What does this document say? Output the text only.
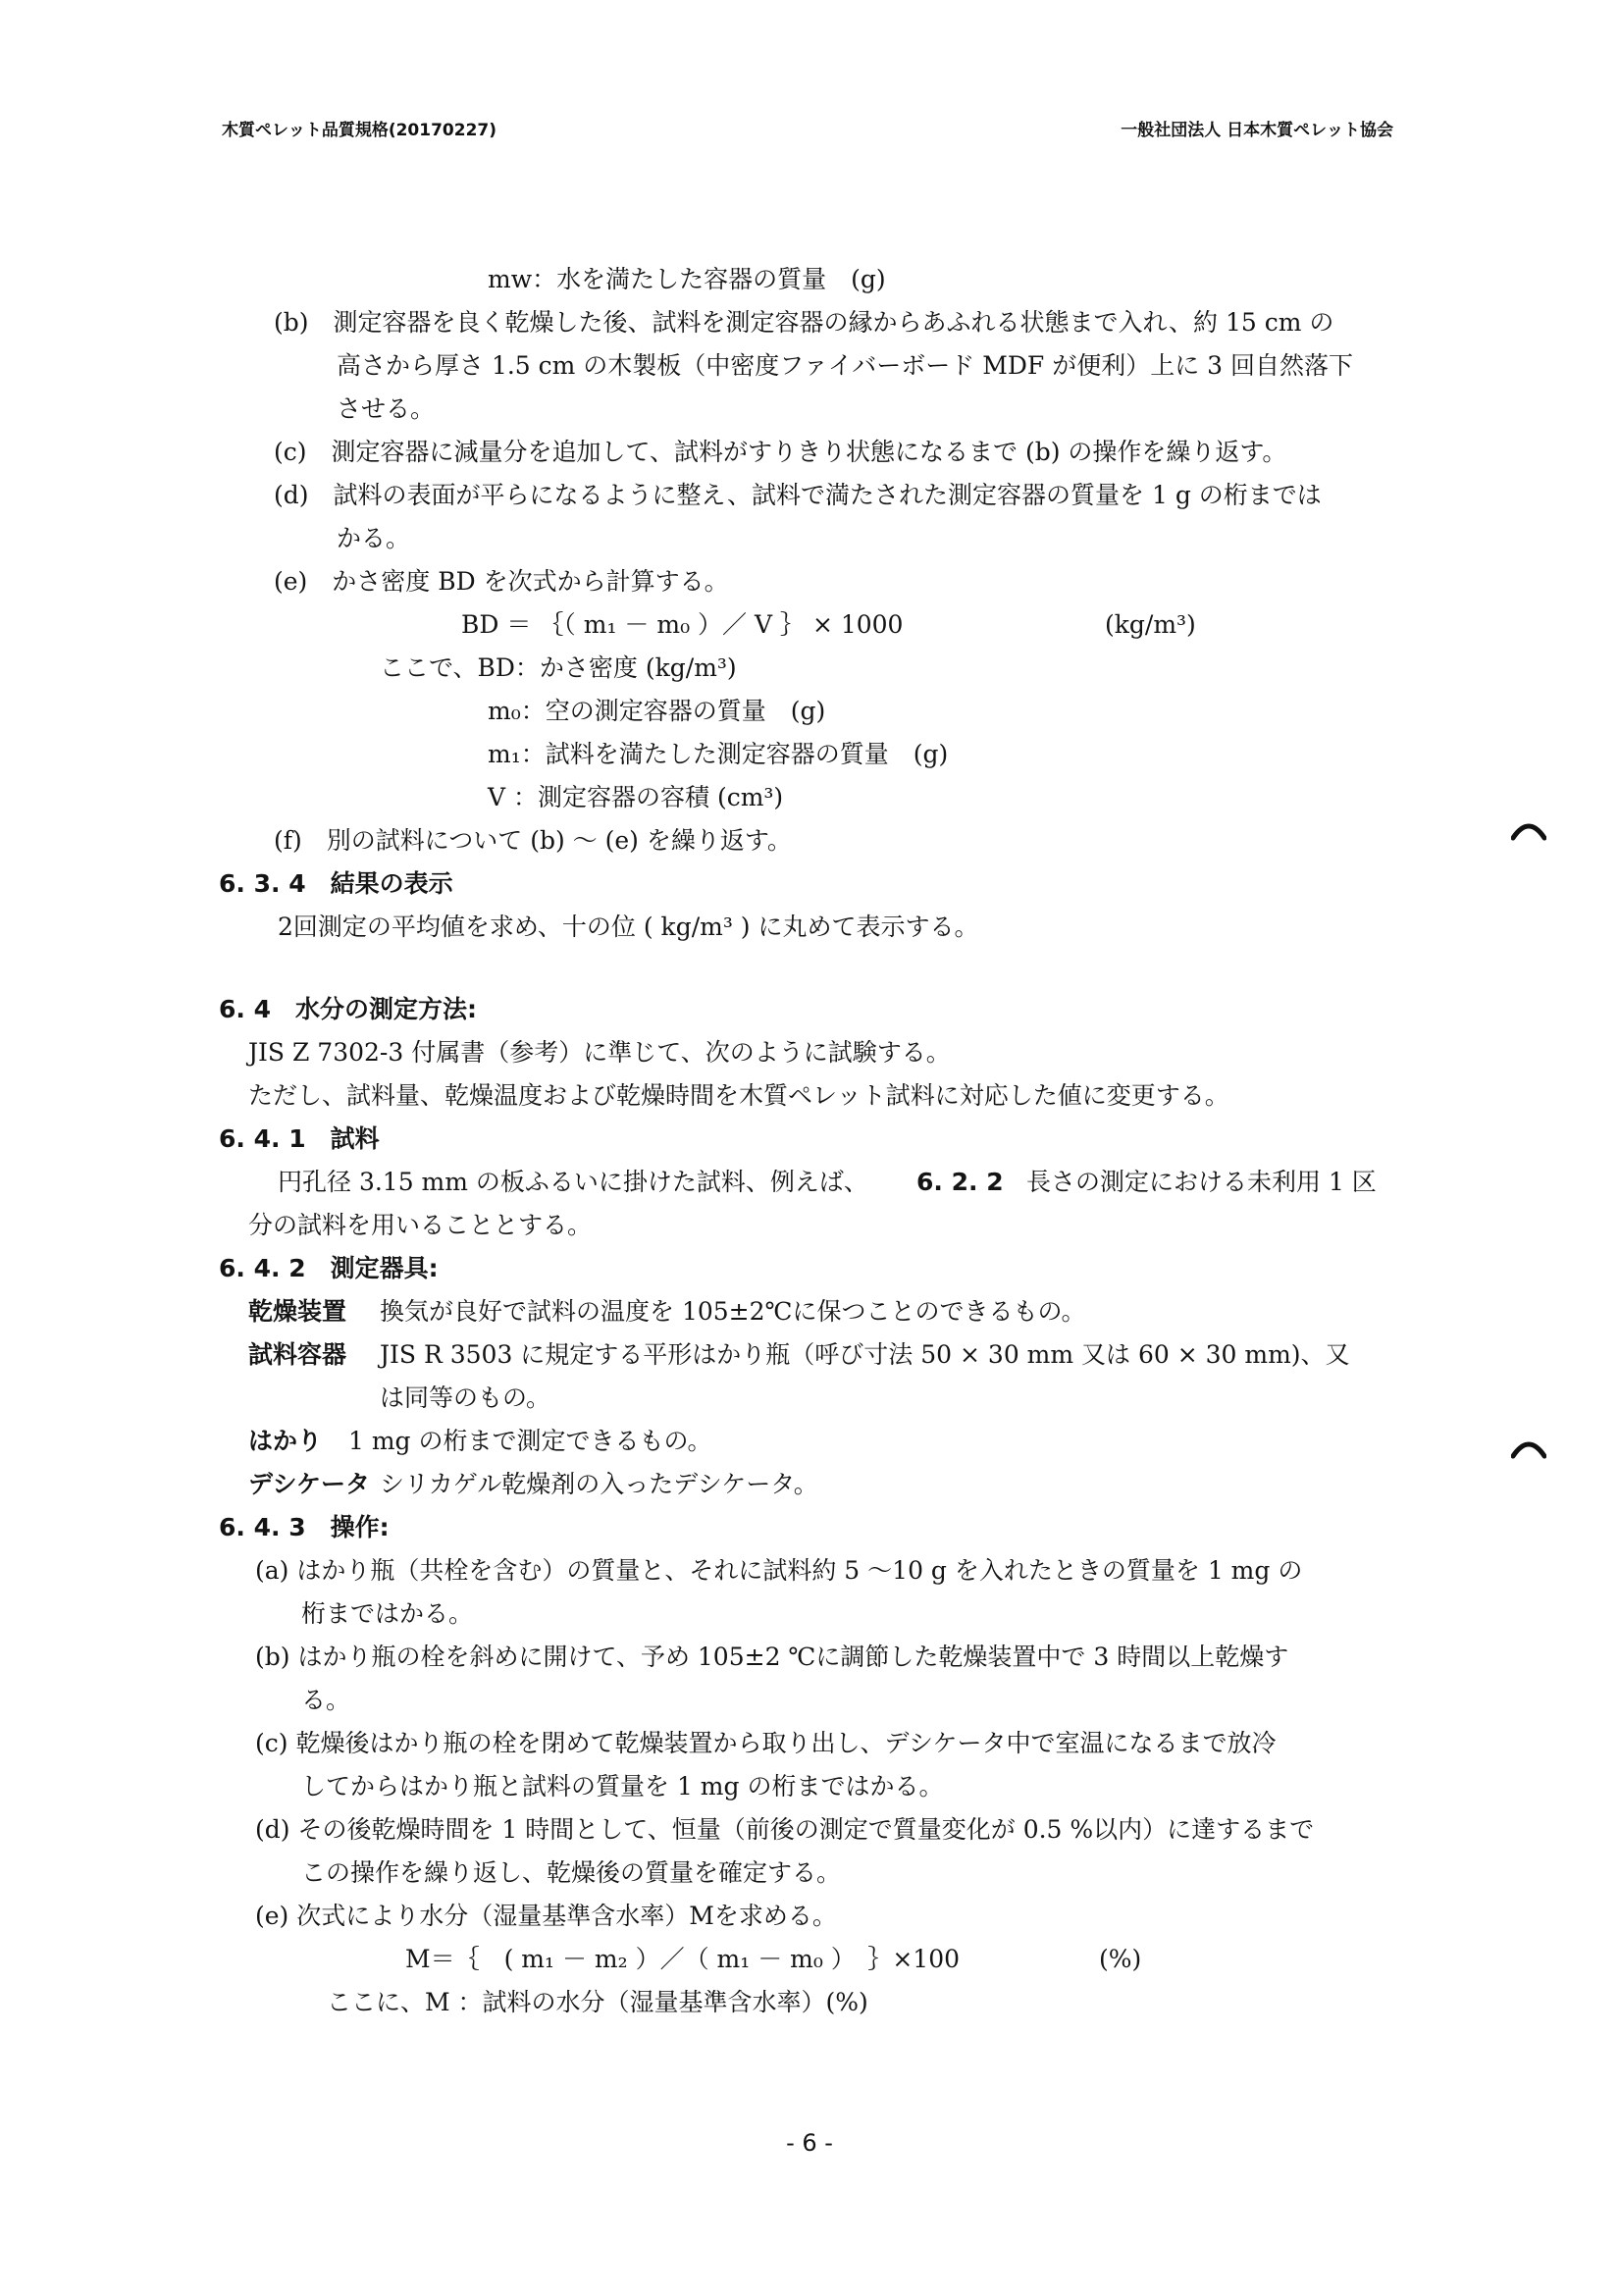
木質ペレット品質規格(20170227)	一般社団法人 日本木質ペレット協会
mw：水を満たした容器の質量　(g)
(b)　測定容器を良く乾燥した後、試料を測定容器の縁からあふれる状態まで入れ、約 15 cm の
高さから厚さ 1.5 cm の木製板（中密度ファイバーボード MDF が便利）上に 3 回自然落下
させる。
(c)　測定容器に減量分を追加して、試料がすりきり状態になるまで (b) の操作を繰り返す。
(d)　試料の表面が平らになるように整え、試料で満たされた測定容器の質量を 1 g の桁までは
かる。
(e)　かさ密度 BD を次式から計算する。
BD ＝ ｛（ m₁ － m₀ ）／ V ｝ × 1000	(kg/m³)
ここで、BD：かさ密度 (kg/m³)
m₀：空の測定容器の質量　(g)
m₁：試料を満たした測定容器の質量　(g)
V ：測定容器の容積 (cm³)
(f)　別の試料について (b) 〜 (e) を繰り返す。
6. 3. 4　結果の表示
2回測定の平均値を求め、十の位 ( kg/m³ ) に丸めて表示する。
6. 4　水分の測定方法:
JIS Z 7302-3 付属書（参考）に準じて、次のように試験する。
ただし、試料量、乾燥温度および乾燥時間を木質ペレット試料に対応した値に変更する。
6. 4. 1　試料
円孔径 3.15 mm の板ふるいに掛けた試料、例えば、 6. 2. 2 長さの測定における未利用 1 区
分の試料を用いることとする。
6. 4. 2　測定器具:
乾燥装置 換気が良好で試料の温度を 105±2℃に保つことのできるもの。
試料容器 JIS R 3503 に規定する平形はかり瓶（呼び寸法 50 × 30 mm 又は 60 × 30 mm)、又
は同等のもの。
はかり 1 mg の桁まで測定できるもの。
デシケータ シリカゲル乾燥剤の入ったデシケータ。
6. 4. 3　操作:
(a) はかり瓶（共栓を含む）の質量と、それに試料約 5 〜10 g を入れたときの質量を 1 mg の
桁まではかる。
(b) はかり瓶の栓を斜めに開けて、予め 105±2 ℃に調節した乾燥装置中で 3 時間以上乾燥す
る。
(c) 乾燥後はかり瓶の栓を閉めて乾燥装置から取り出し、デシケータ中で室温になるまで放冷
してからはかり瓶と試料の質量を 1 mg の桁まではかる。
(d) その後乾燥時間を 1 時間として、恒量（前後の測定で質量変化が 0.5 %以内）に達するまで
この操作を繰り返し、乾燥後の質量を確定する。
(e) 次式により水分（湿量基準含水率）Mを求める。
M＝｛　( m₁ － m₂ ）／（ m₁ － m₀ ）　｝×100	(%)
ここに、M ：試料の水分（湿量基準含水率）(%)
- 6 -
